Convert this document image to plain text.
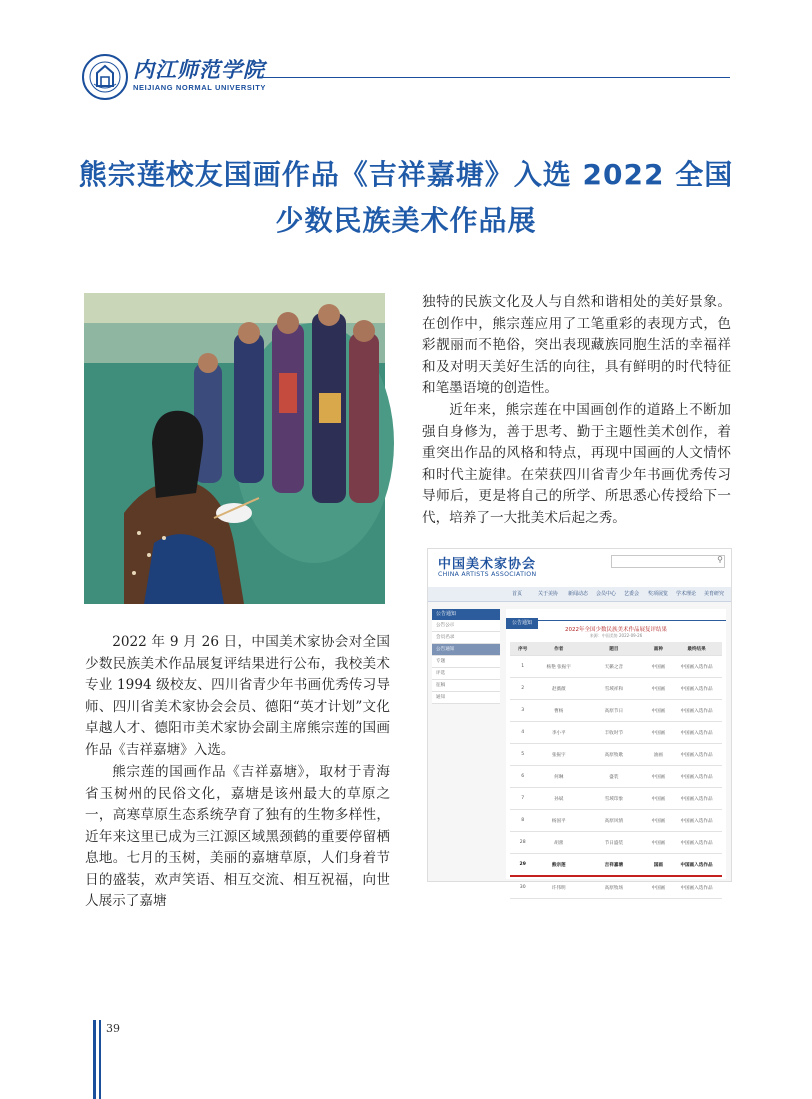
内江师范学院
NEIJIANG NORMAL UNIVERSITY
熊宗莲校友国画作品《吉祥嘉塘》入选 2022 全国
少数民族美术作品展

独特的民族文化及人与自然和谐相处的美好景象。在创作中，熊宗莲应用了工笔重彩的表现方式，色彩靓丽而不艳俗，突出表现藏族同胞生活的幸福祥和及对明天美好生活的向往，具有鲜明的时代特征和笔墨语境的创造性。

近年来，熊宗莲在中国画创作的道路上不断加强自身修为，善于思考、勤于主题性美术创作，着重突出作品的风格和特点，再现中国画的人文情怀和时代主旋律。在荣获四川省青少年书画优秀传习导师后，更是将自己的所学、所思悉心传授给下一代，培养了一大批美术后起之秀。

2022 年 9 月 26 日，中国美术家协会对全国少数民族美术作品展复评结果进行公布，我校美术专业 1994 级校友、四川省青少年书画优秀传习导师、四川省美术家协会会员、德阳“英才计划”文化卓越人才、德阳市美术家协会副主席熊宗莲的国画作品《吉祥嘉塘》入选。

熊宗莲的国画作品《吉祥嘉塘》，取材于青海省玉树州的民俗文化，嘉塘是该州最大的草原之一，高寒草原生态系统孕育了独有的生物多样性，近年来这里已成为三江源区域黑颈鹤的重要停留栖息地。七月的玉树，美丽的嘉塘草原，人们身着节日的盛装，欢声笑语、相互交流、相互祝福，向世人展示了嘉塘

中国美术家协会
CHINA ARTISTS ASSOCIATION
⚲
首页	关于美协 新闻动态 会员中心 艺委会 奖项展览 学术理论 美育研究
公告通知
公告公示
会员名录
公告通知
专题
评选
征稿
通知
公告通知
2022年全国少数民族美术作品展复评结果
来源：中国美协 2022-09-26
序号	作者	题目	画种	最终结果
1	杨艳 张振宇	天籁之音	中国画	中国画入选作品
2	赵薇薇	雪域祥和	中国画	中国画入选作品
3	曹杨	高原节日	中国画	中国画入选作品
4	李小平	丰收时节	中国画	中国画入选作品
5	张振宇	高原牧歌	油画	中国画入选作品
6	何琳	盛装	中国画	中国画入选作品
7	孙斌	雪域印象	中国画	中国画入选作品
8	杨国平	高原风情	中国画	中国画入选作品
28	胡蕾	节日盛装	中国画	中国画入选作品
29	熊宗莲	吉祥嘉塘	国画	中国画入选作品
30	许伟明	高原牧场	中国画	中国画入选作品
39
